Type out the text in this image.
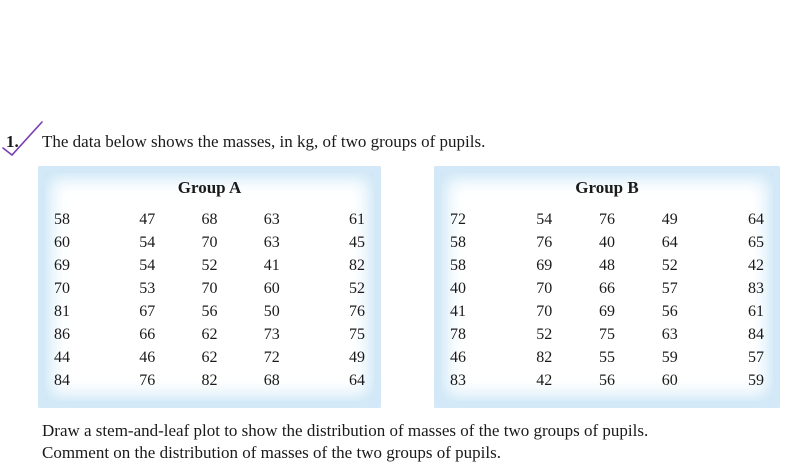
1. The data below shows the masses, in kg, of two groups of pupils.
Group A
58	47	68	63	61
60	54	70	63	45
69	54	52	41	82
70	53	70	60	52
81	67	56	50	76
86	66	62	73	75
44	46	62	72	49
84	76	82	68	64
Group B
72	54	76	49	64
58	76	40	64	65
58	69	48	52	42
40	70	66	57	83
41	70	69	56	61
78	52	75	63	84
46	82	55	59	57
83	42	56	60	59
Draw a stem-and-leaf plot to show the distribution of masses of the two groups of pupils.
Comment on the distribution of masses of the two groups of pupils.
